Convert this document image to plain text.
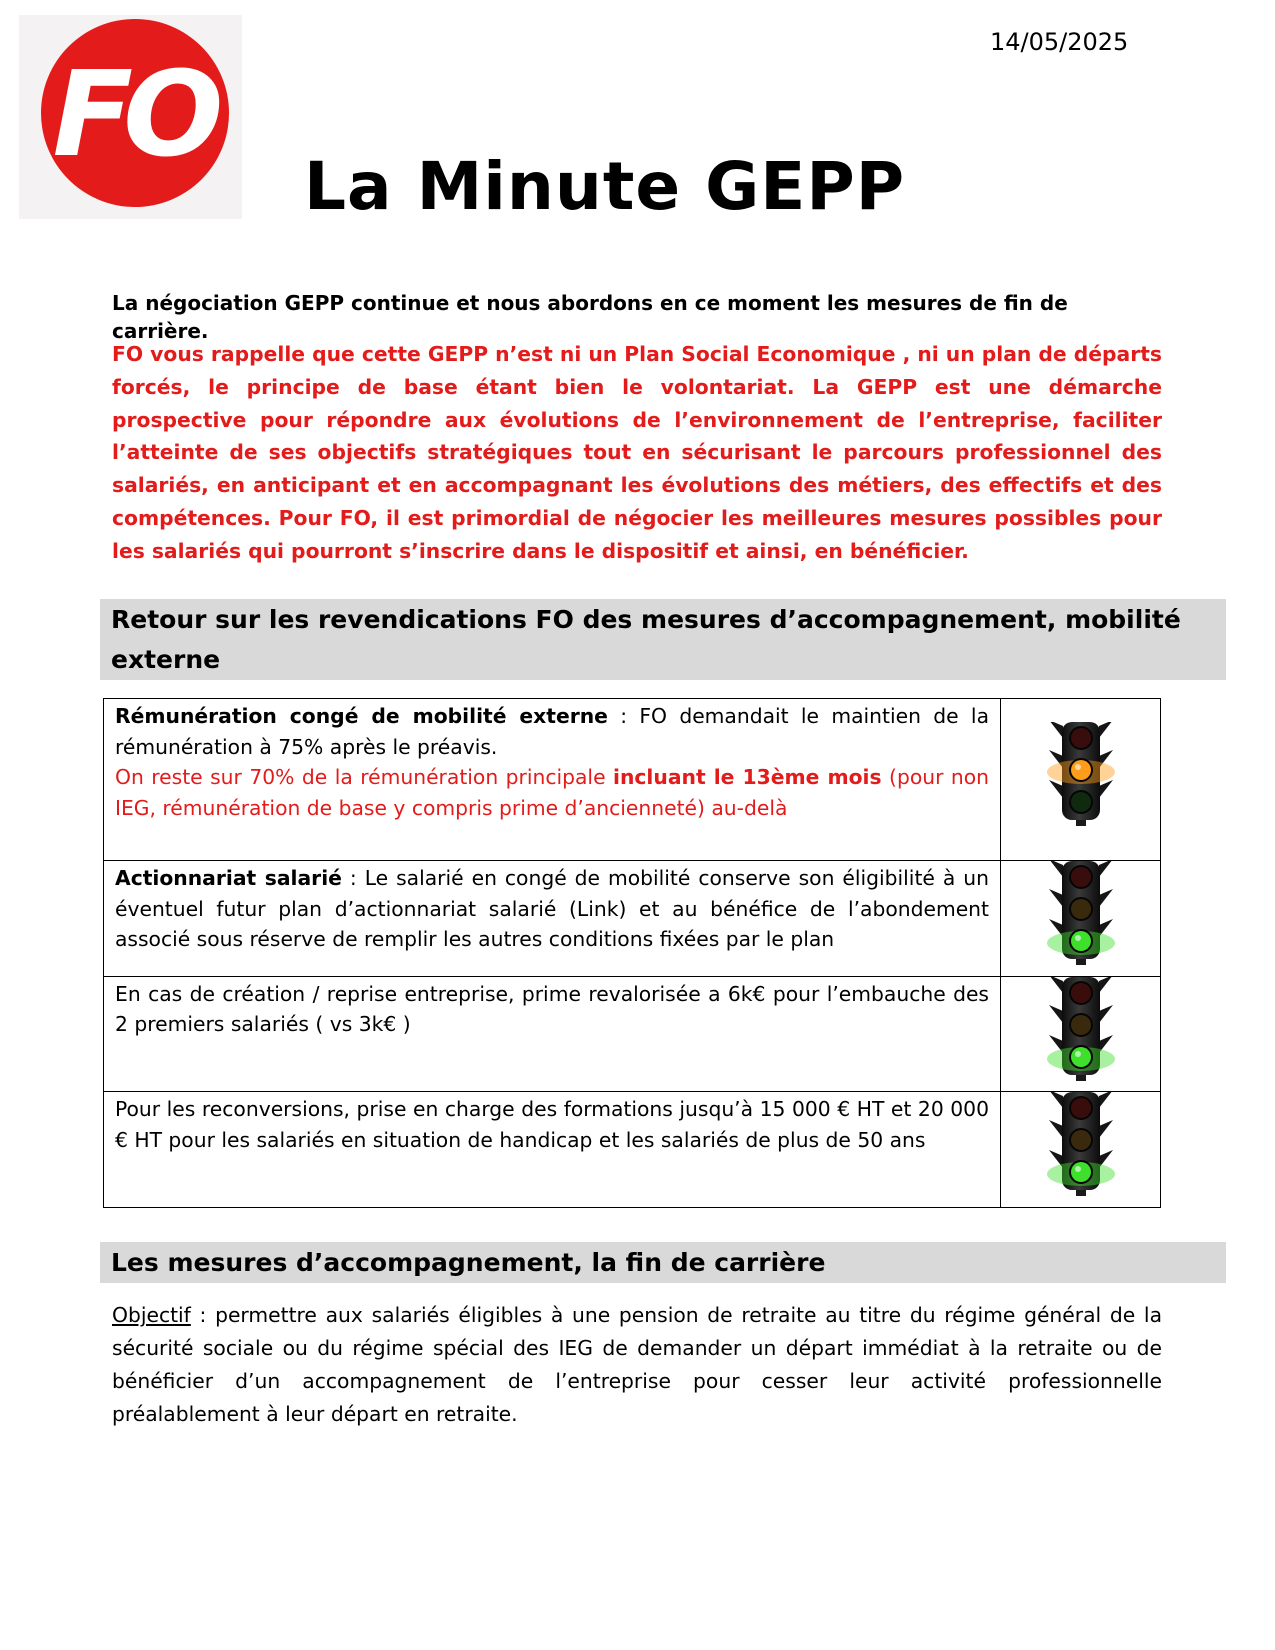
FO
14/05/2025
La Minute GEPP
La négociation GEPP continue et nous abordons en ce moment les mesures de fin de carrière.
FO vous rappelle que cette GEPP n’est ni un Plan Social Economique , ni un plan de départs forcés, le principe de base étant bien le volontariat. La GEPP est une démarche prospective pour répondre aux évolutions de l’environnement de l’entreprise, faciliter l’atteinte de ses objectifs stratégiques tout en sécurisant le parcours professionnel des salariés, en anticipant et en accompagnant les évolutions des métiers, des effectifs et des compétences. Pour FO, il est primordial de négocier les meilleures mesures possibles pour les salariés qui pourront s’inscrire dans le dispositif et ainsi, en bénéficier.
Retour sur les revendications FO des mesures d’accompagnement, mobilité externe
Rémunération congé de mobilité externe : FO demandait le maintien de la rémunération à 75% après le préavis.
On reste sur 70% de la rémunération principale incluant le 13ème mois (pour non IEG, rémunération de base y compris prime d’ancienneté) au-delà	
Actionnariat salarié : Le salarié en congé de mobilité conserve son éligibilité à un éventuel futur plan d’actionnariat salarié (Link) et au bénéfice de l’abondement associé sous réserve de remplir les autres conditions fixées par le plan	
En cas de création / reprise entreprise, prime revalorisée a 6k€ pour l’embauche des 2 premiers salariés ( vs 3k€ )	
Pour les reconversions, prise en charge des formations jusqu’à 15 000 € HT et 20 000 € HT pour les salariés en situation de handicap et les salariés de plus de 50 ans	
Les mesures d’accompagnement, la fin de carrière
Objectif : permettre aux salariés éligibles à une pension de retraite au titre du régime général de la sécurité sociale ou du régime spécial des IEG de demander un départ immédiat à la retraite ou de bénéficier d’un accompagnement de l’entreprise pour cesser leur activité professionnelle préalablement à leur départ en retraite.
